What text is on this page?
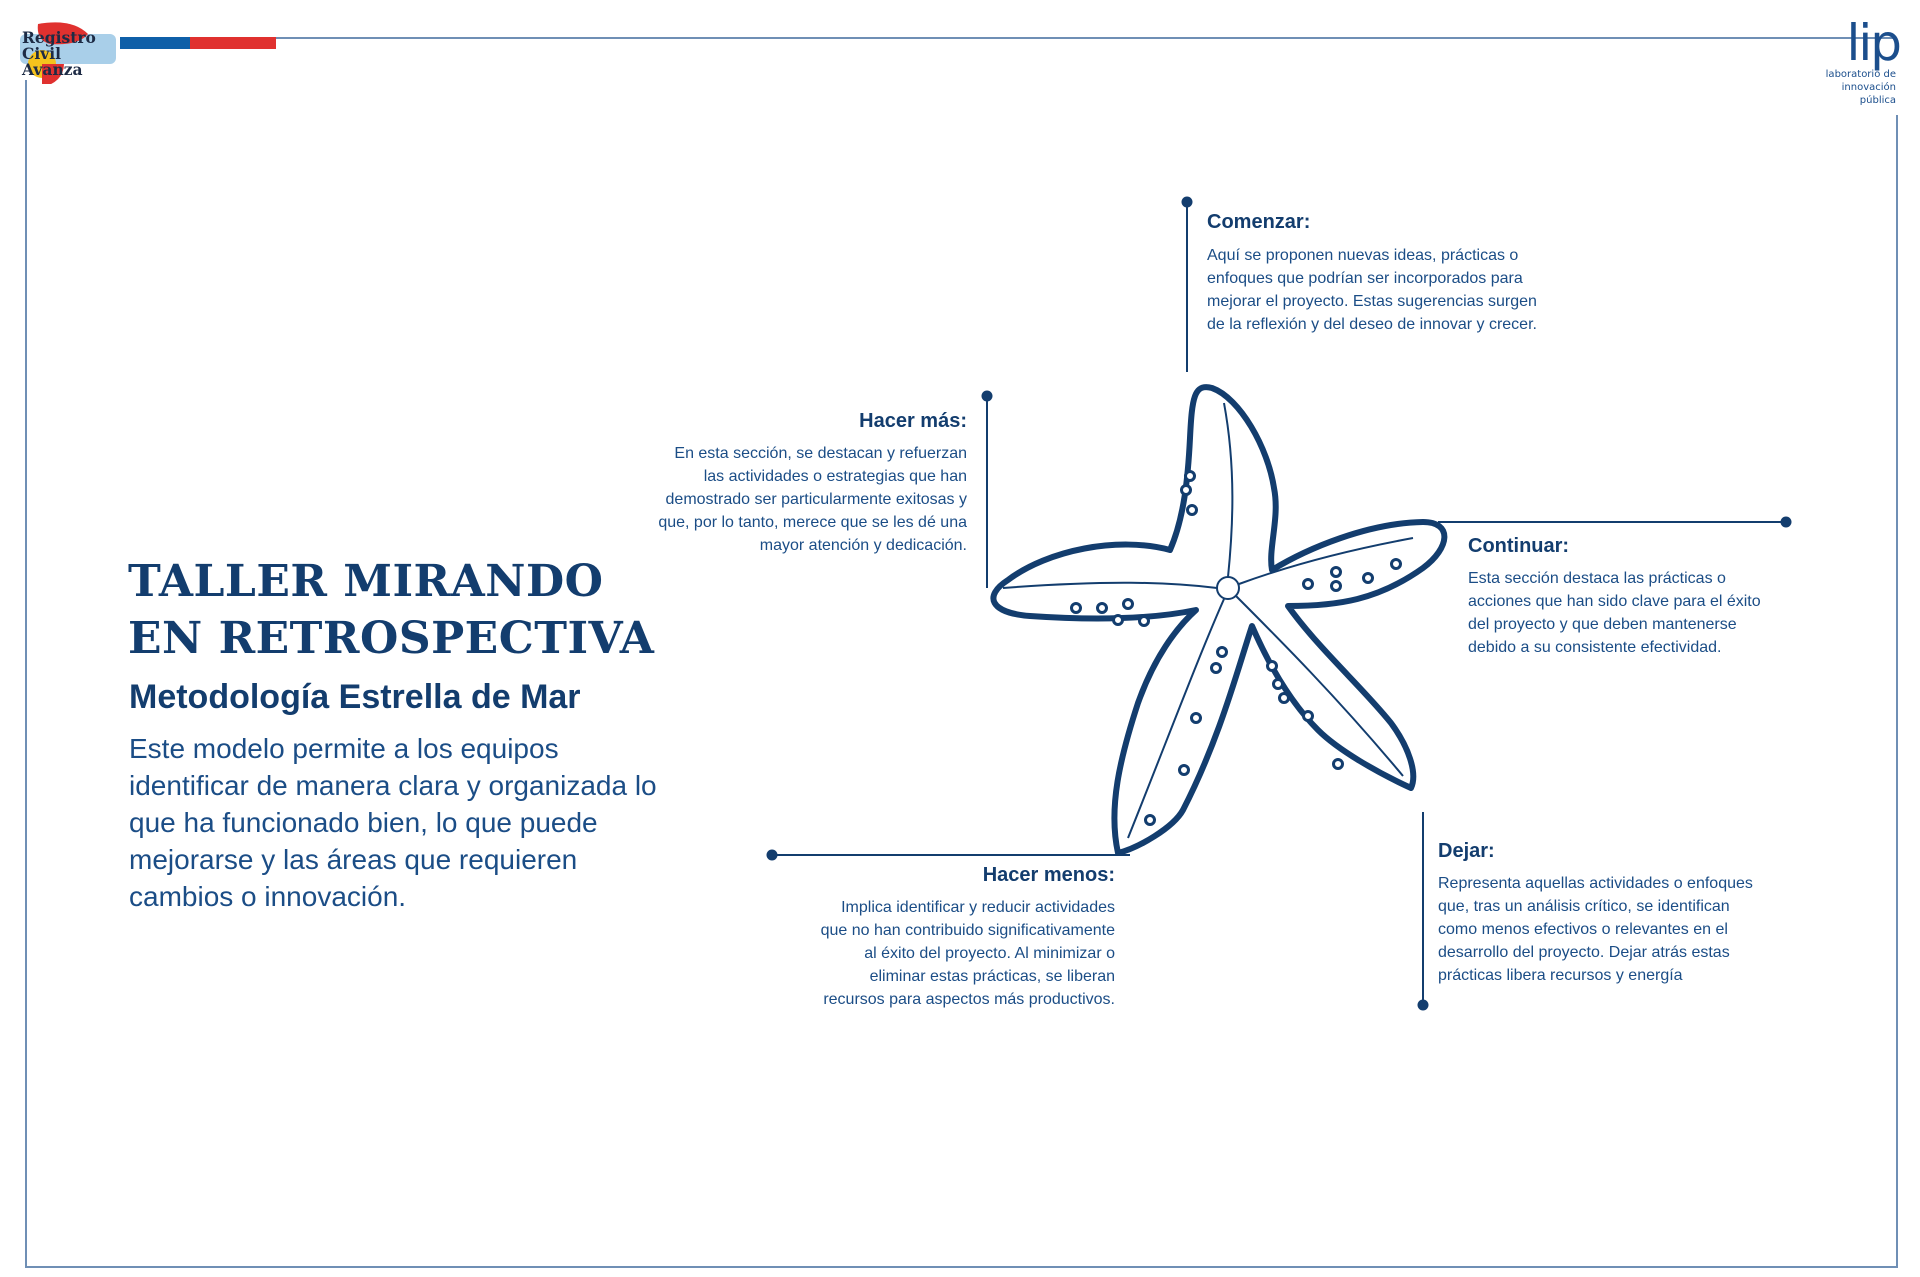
Registro
Civil
Avanza	lip
laboratorio de
innovación
pública
TALLER MIRANDO
EN RETROSPECTIVA
Metodología Estrella de Mar
Este modelo permite a los equipos identificar de manera clara y organizada lo que ha funcionado bien, lo que puede mejorarse y las áreas que requieren cambios o innovación.
Comenzar:
Aquí se proponen nuevas ideas, prácticas o
enfoques que podrían ser incorporados para
mejorar el proyecto. Estas sugerencias surgen
de la reflexión y del deseo de innovar y crecer.
Hacer más:
En esta sección, se destacan y refuerzan
las actividades o estrategias que han
demostrado ser particularmente exitosas y
que, por lo tanto, merece que se les dé una
mayor atención y dedicación.	Continuar:
Esta sección destaca las prácticas o
acciones que han sido clave para el éxito
del proyecto y que deben mantenerse
debido a su consistente efectividad.
Hacer menos:
Implica identificar y reducir actividades
que no han contribuido significativamente
al éxito del proyecto. Al minimizar o
eliminar estas prácticas, se liberan
recursos para aspectos más productivos.
Dejar:
Representa aquellas actividades o enfoques
que, tras un análisis crítico, se identifican
como menos efectivos o relevantes en el
desarrollo del proyecto. Dejar atrás estas
prácticas libera recursos y energía
